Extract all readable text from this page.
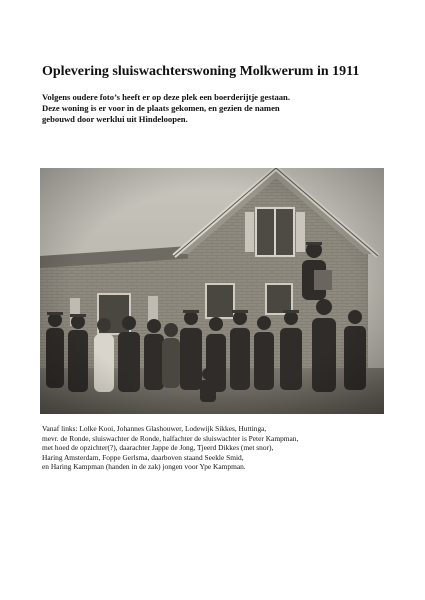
Oplevering sluiswachterswoning Molkwerum in 1911
Volgens oudere foto’s heeft er op deze plek een boerderijtje gestaan.
Deze woning is er voor in de plaats gekomen, en gezien de namen
gebouwd door werklui uit Hindeloopen.
Vanaf links: Lolke Kooi, Johannes Glashouwer, Lodewijk Sikkes, Huttinga,
mevr. de Ronde, sluiswachter de Ronde, halfachter de sluiswachter is Peter Kampman,
met hoed de opzichter(?), daarachter Jappe de Jong, Tjeerd Dikkes (met snor),
Haring Amsterdam, Foppe Gerlsma, daarboven staand Seekle Smid,
en Haring Kampman (handen in de zak) jongen voor Ype Kampman.
